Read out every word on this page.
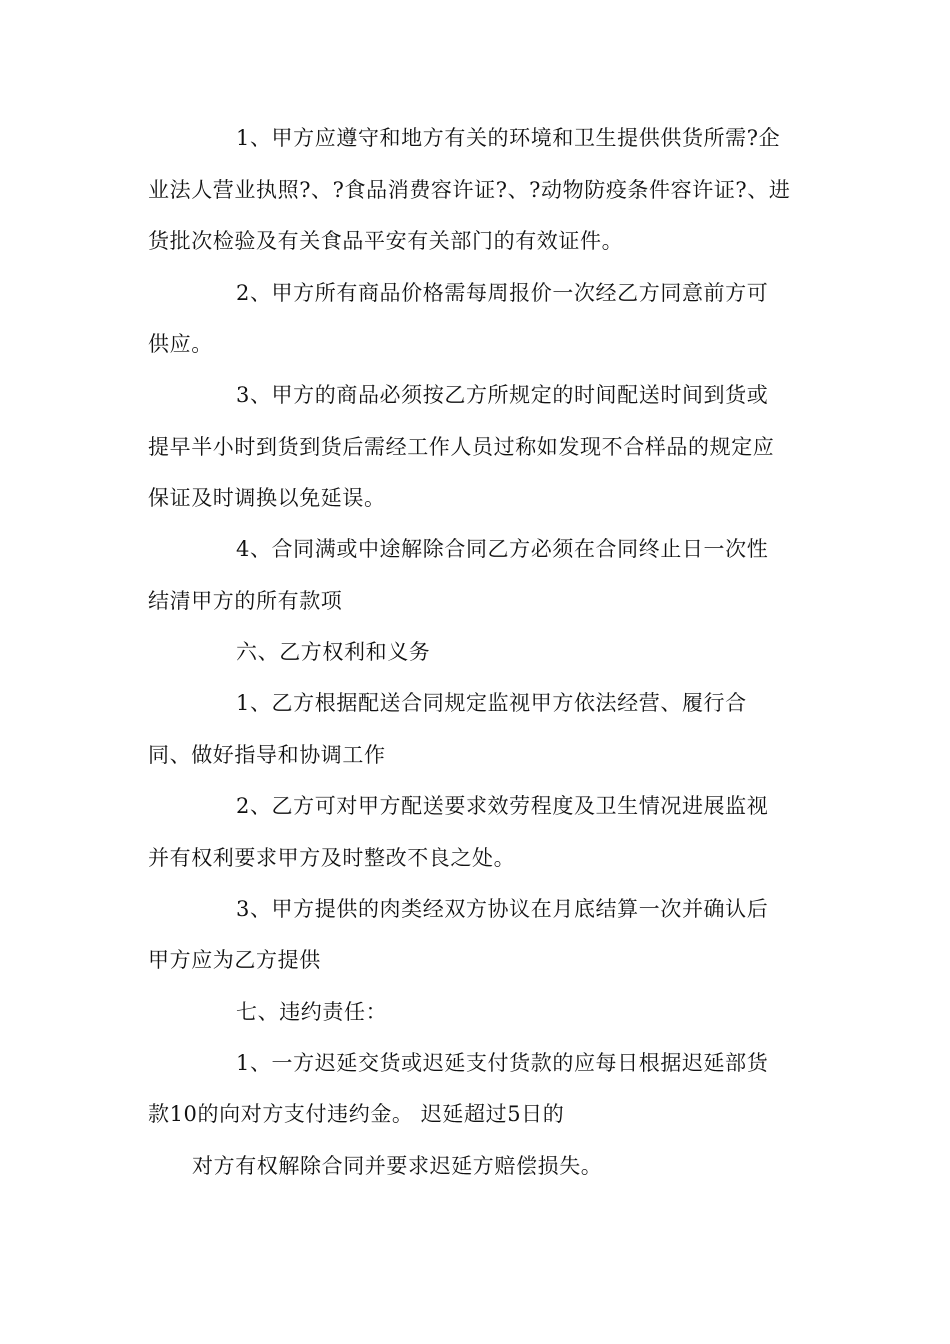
1、甲方应遵守和地方有关的环境和卫生提供供货所需?企
业法人营业执照?、?食品消费容许证?、?动物防疫条件容许证?、进
货批次检验及有关食品平安有关部门的有效证件。
2、甲方所有商品价格需每周报价一次经乙方同意前方可
供应。
3、甲方的商品必须按乙方所规定的时间配送时间到货或
提早半小时到货到货后需经工作人员过称如发现不合样品的规定应
保证及时调换以免延误。
4、合同满或中途解除合同乙方必须在合同终止日一次性
结清甲方的所有款项
六、乙方权利和义务
1、乙方根据配送合同规定监视甲方依法经营、履行合
同、做好指导和协调工作
2、乙方可对甲方配送要求效劳程度及卫生情况进展监视
并有权利要求甲方及时整改不良之处。
3、甲方提供的肉类经双方协议在月底结算一次并确认后
甲方应为乙方提供
七、违约责任：
1、一方迟延交货或迟延支付货款的应每日根据迟延部货
款10的向对方支付违约金。 迟延超过5日的
对方有权解除合同并要求迟延方赔偿损失。
